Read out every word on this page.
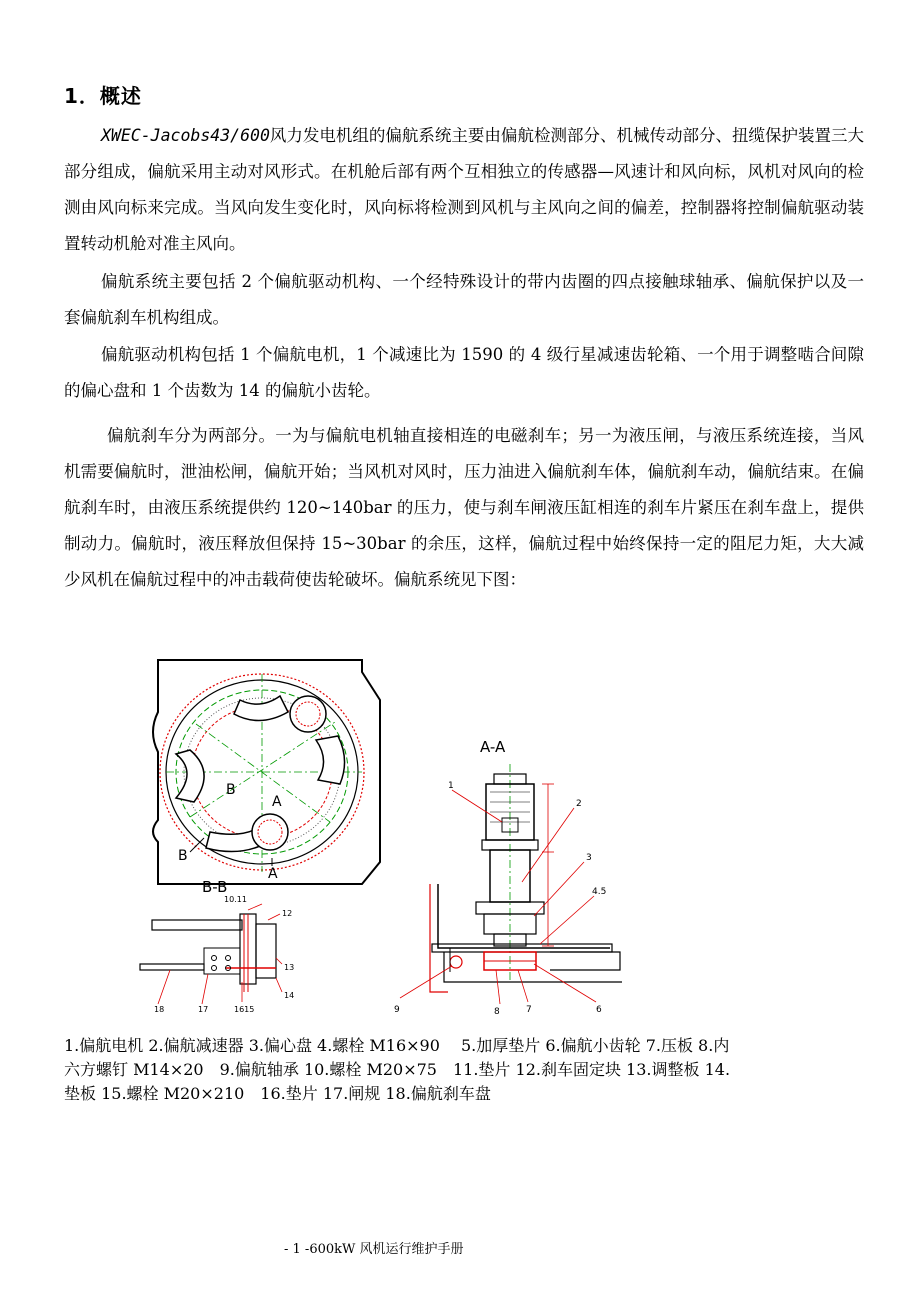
1．概述
XWEC-Jacobs43/600风力发电机组的偏航系统主要由偏航检测部分、机械传动部分、扭缆保护装置三大部分组成，偏航采用主动对风形式。在机舱后部有两个互相独立的传感器—风速计和风向标，风机对风向的检测由风向标来完成。当风向发生变化时，风向标将检测到风机与主风向之间的偏差，控制器将控制偏航驱动装置转动机舱对准主风向。
偏航系统主要包括 2 个偏航驱动机构、一个经特殊设计的带内齿圈的四点接触球轴承、偏航保护以及一套偏航刹车机构组成。
偏航驱动机构包括 1 个偏航电机，1 个减速比为 1590 的 4 级行星减速齿轮箱、一个用于调整啮合间隙的偏心盘和 1 个齿数为 14 的偏航小齿轮。
偏航刹车分为两部分。一为与偏航电机轴直接相连的电磁刹车；另一为液压闸，与液压系统连接，当风机需要偏航时，泄油松闸，偏航开始；当风机对风时，压力油进入偏航刹车体，偏航刹车动，偏航结束。在偏航刹车时，由液压系统提供约 120~140bar 的压力，使与刹车闸液压缸相连的刹车片紧压在刹车盘上，提供制动力。偏航时，液压释放但保持 15~30bar 的余压，这样，偏航过程中始终保持一定的阻尼力矩，大大减少风机在偏航过程中的冲击载荷使齿轮破坏。偏航系统见下图：
B
A
B
A
B-B
10.11
12
13
14
1615
17
18
A-A
1
2
3
4.5
9	8	7	6
1.偏航电机 2.偏航减速器 3.偏心盘 4.螺栓 M16×90　 5.加厚垫片 6.偏航小齿轮 7.压板 8.内六方螺钉 M14×20　9.偏航轴承 10.螺栓 M20×75　11.垫片 12.刹车固定块 13.调整板 14.垫板 15.螺栓 M20×210　16.垫片 17.闸规 18.偏航刹车盘
- 1 -600kW 风机运行维护手册
